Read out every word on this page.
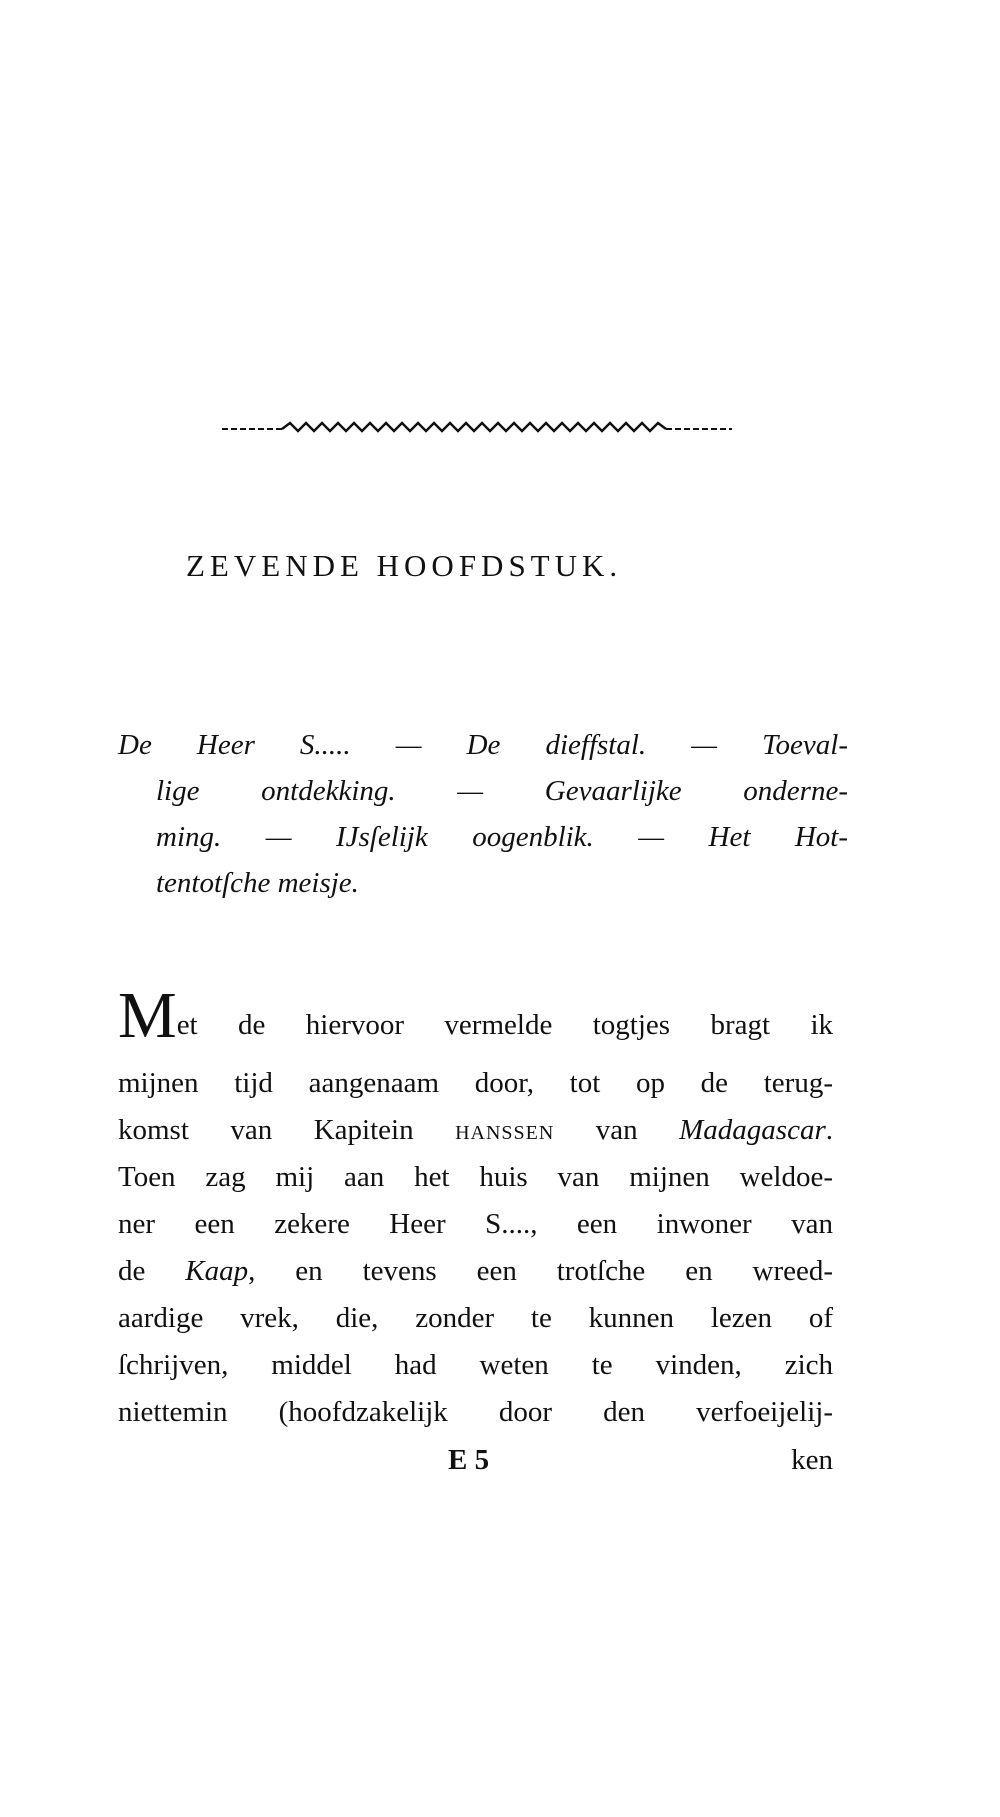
ZEVENDE HOOFDSTUK.
De Heer S..... — De dieffstal. — Toeval-
lige ontdekking. — Gevaarlijke onderne-
ming. — IJsſelijk oogenblik. — Het Hot-
tentotſche meisje.
Met de hiervoor vermelde togtjes bragt ik
mijnen tijd aangenaam door, tot op de terug-
komst van Kapitein hanssen van Madagascar.
Toen zag mij aan het huis van mijnen weldoe-
ner een zekere Heer S...., een inwoner van
de Kaap, en tevens een trotſche en wreed-
aardige vrek, die, zonder te kunnen lezen of
ſchrijven, middel had weten te vinden, zich
niettemin (hoofdzakelijk door den verfoeijelij-
E 5	ken
